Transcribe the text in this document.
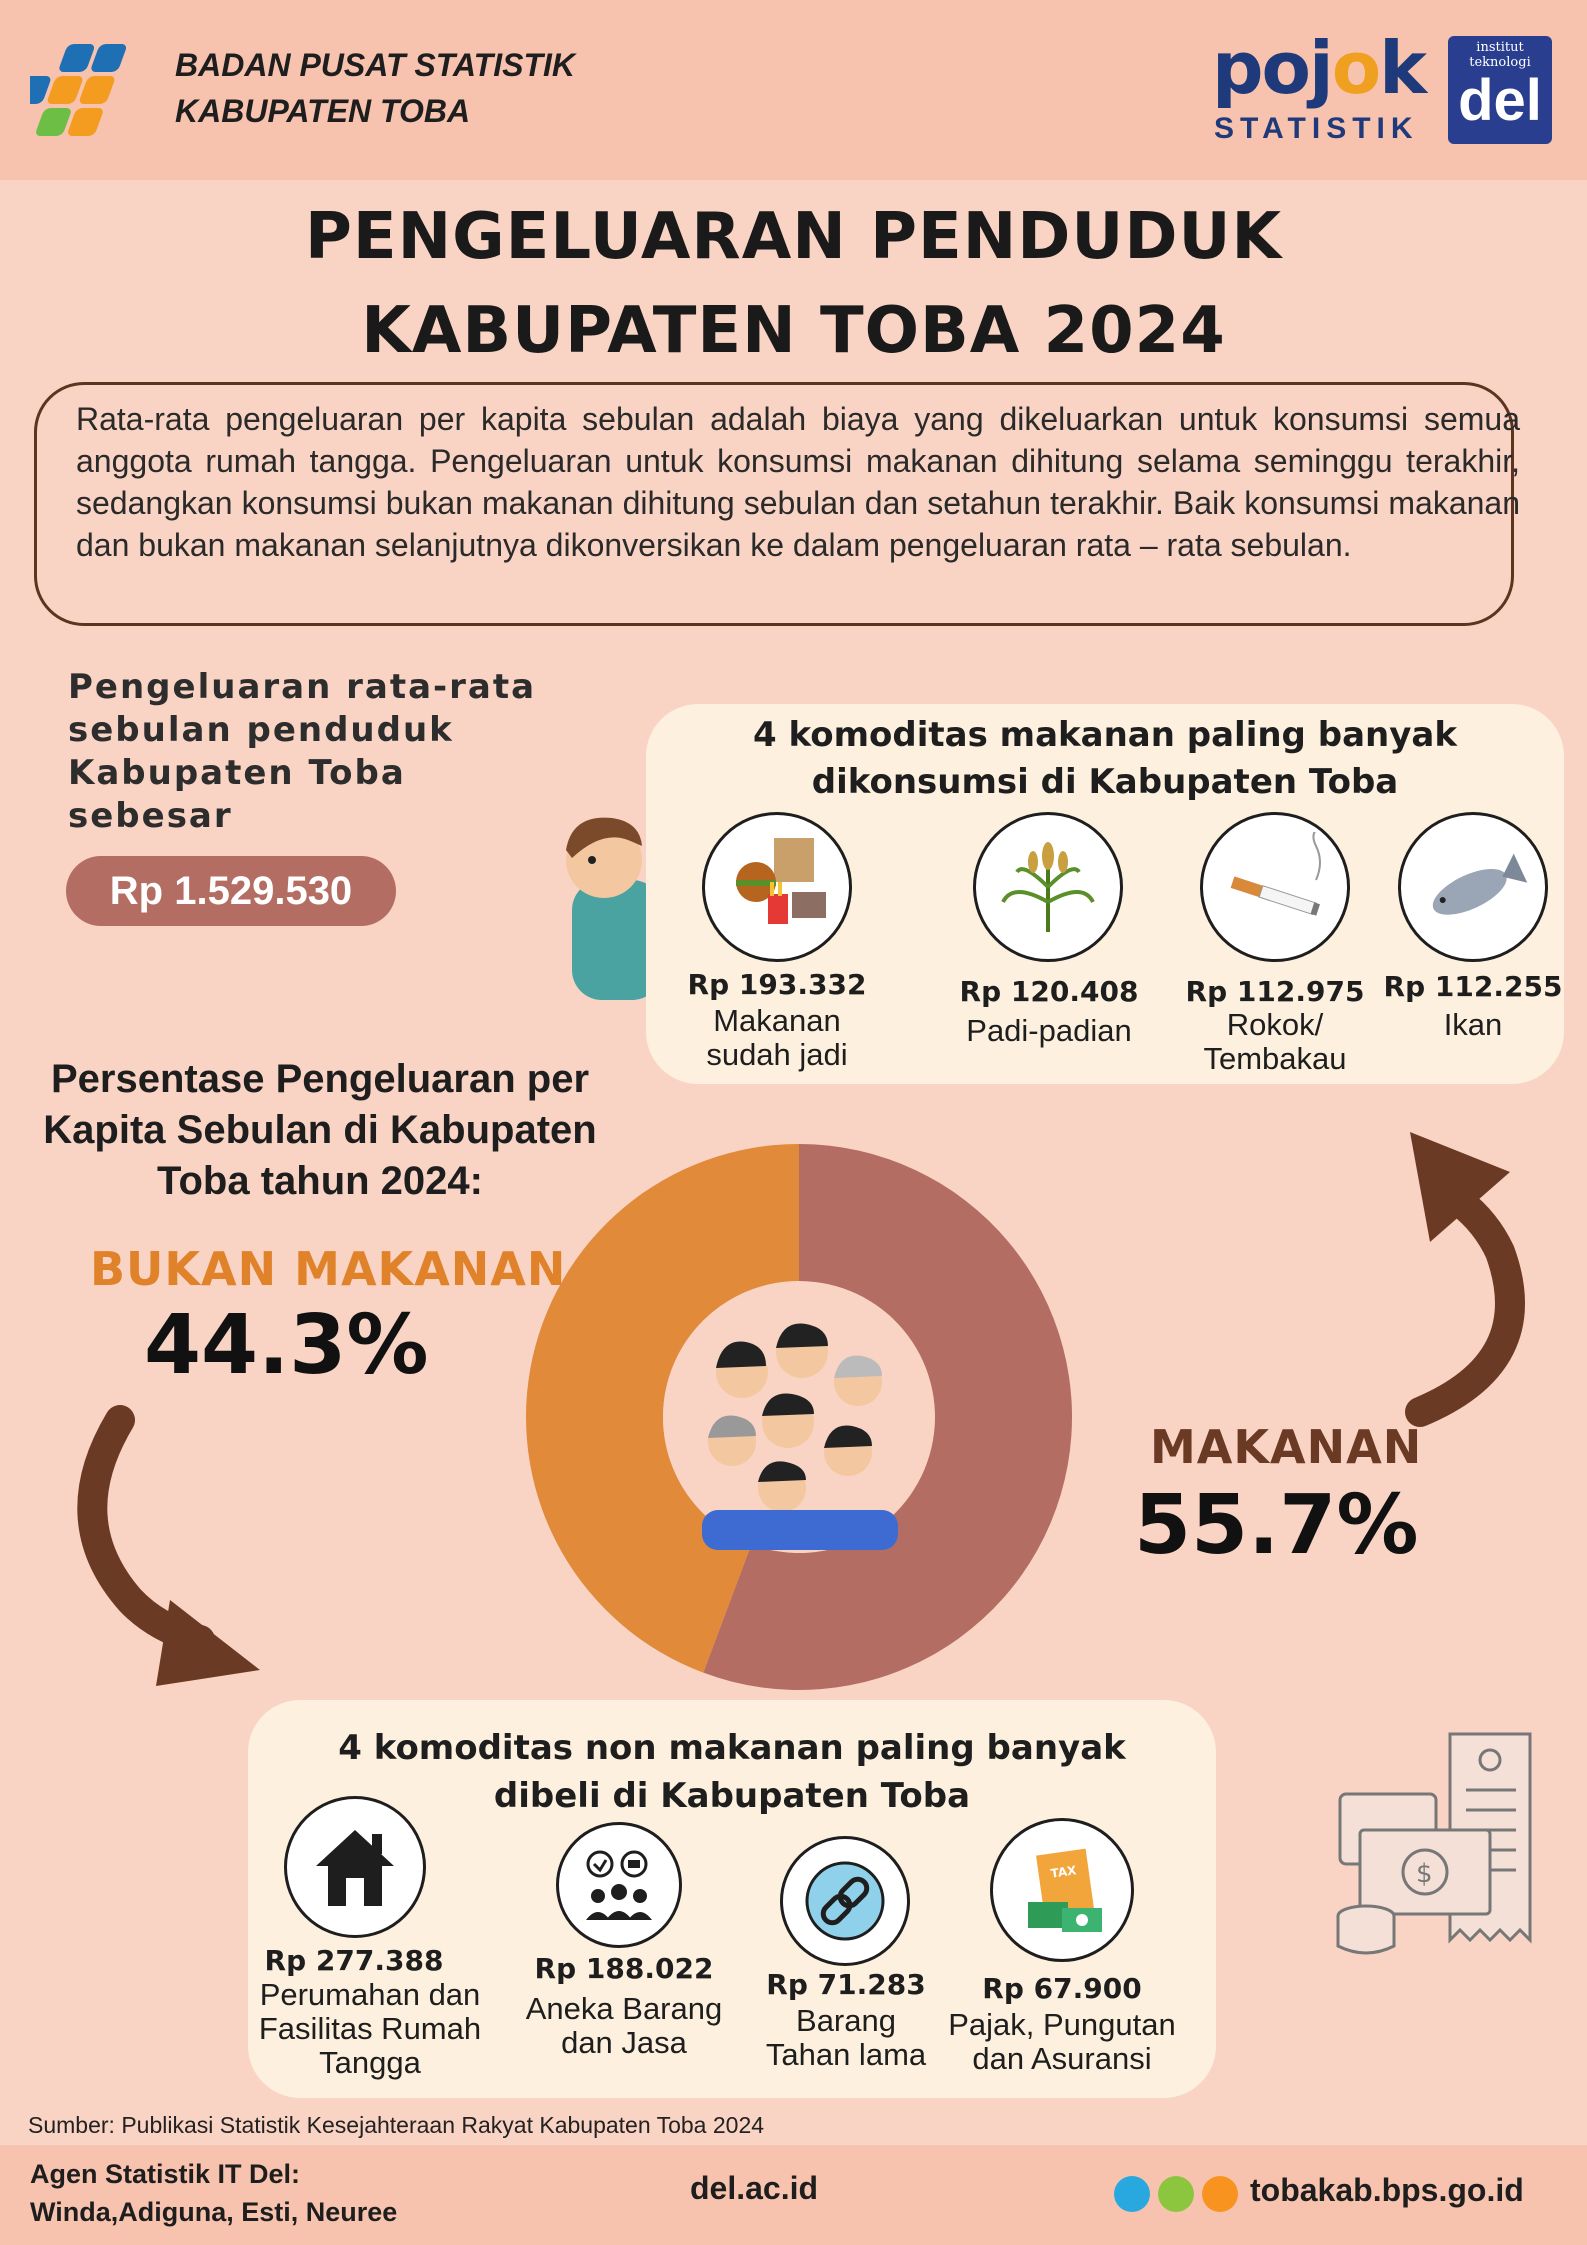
BADAN PUSAT STATISTIK
KABUPATEN TOBA
pojok
STATISTIK
institut teknologi
del
PENGELUARAN PENDUDUK
KABUPATEN TOBA 2024
Rata-rata pengeluaran per kapita sebulan adalah biaya yang dikeluarkan untuk konsumsi semua anggota rumah tangga. Pengeluaran untuk konsumsi makanan dihitung selama seminggu terakhir, sedangkan konsumsi bukan makanan dihitung sebulan dan setahun terakhir. Baik konsumsi makanan dan bukan makanan selanjutnya dikonversikan ke dalam pengeluaran rata – rata sebulan.
Pengeluaran rata-rata
sebulan penduduk
Kabupaten Toba
sebesar
Rp 1.529.530
4 komoditas makanan paling banyak
dikonsumsi di Kabupaten Toba
Rp 193.332
Makanan
sudah jadi
Rp 120.408
Padi-padian
Rp 112.975
Rokok/
Tembakau
Rp 112.255
Ikan
Persentase Pengeluaran per
Kapita Sebulan di Kabupaten
Toba tahun 2024:
BUKAN MAKANAN
44.3%
MAKANAN
55.7%
4 komoditas non makanan paling banyak
dibeli di Kabupaten Toba
Rp 277.388
Perumahan dan
Fasilitas Rumah
Tangga
Rp 188.022
Aneka Barang
dan Jasa
Rp 71.283
Barang
Tahan lama
TAX
Rp 67.900
Pajak, Pungutan
dan Asuransi
$
Sumber: Publikasi Statistik Kesejahteraan Rakyat Kabupaten Toba 2024
Agen Statistik IT Del:
Winda,Adiguna, Esti, Neuree
del.ac.id	tobakab.bps.go.id
